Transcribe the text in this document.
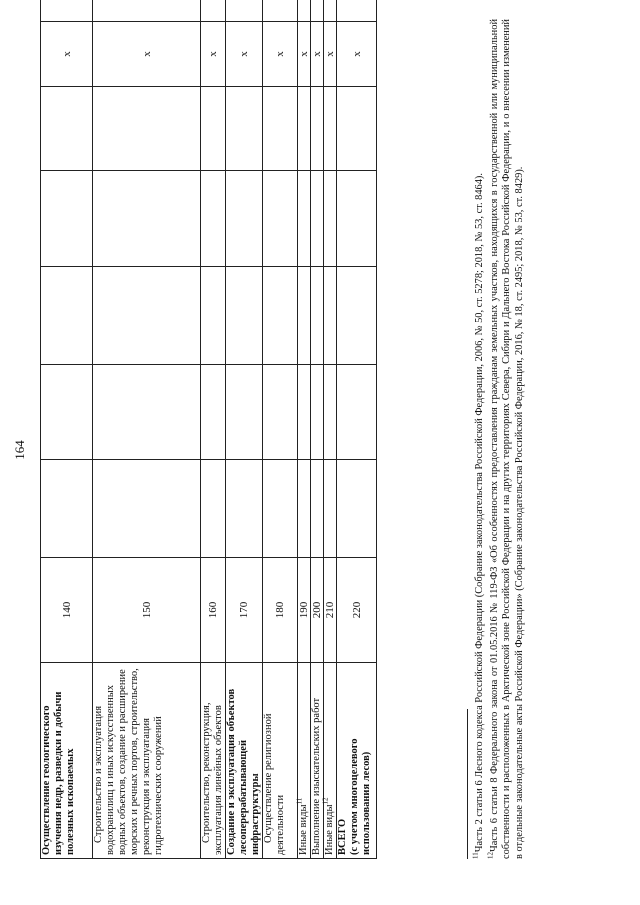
164
Осуществление геологического изучения недр, разведки и добычи полезных ископаемых	140						х	
Строительство и эксплуатация водохранилищ и иных искусственных водных объектов, создание и расширение морских и речных портов, строительство, реконструкция и эксплуатация гидротехнических сооружений	150						х	
Строительство, реконструкция, эксплуатация линейных объектов	160						х	
Создание и эксплуатация объектов лесоперерабатывающей инфраструктуры	170						х	
Осуществление религиозной деятельности	180						х	
Иные виды$^{11}$	190						х	
Выполнение изыскательских работ	200						х	
Иные виды$^{12}$	210						х	
ВСЕГО (с учетом многоцелевого использования лесов)	220						х	
$^{11}$Часть 2 статьи 6 Лесного кодекса Российской Федерации (Собрание законодательства Российской Федерации, 2006, № 50, ст. 5278; 2018, № 53, ст. 8464).
$^{12}$Часть 6 статьи 8 Федерального закона от 01.05.2016 № 119-ФЗ «Об особенностях предоставления гражданам земельных участков, находящихся в государственной или муниципальной собственности и расположенных в Арктической зоне Российской Федерации и на других территориях Севера, Сибири и Дальнего Востока Российской Федерации, и о внесении изменений в отдельные законодательные акты Российской Федерации» (Собрание законодательства Российской Федерации, 2016, № 18, ст. 2495; 2018, № 53, ст. 8429).
